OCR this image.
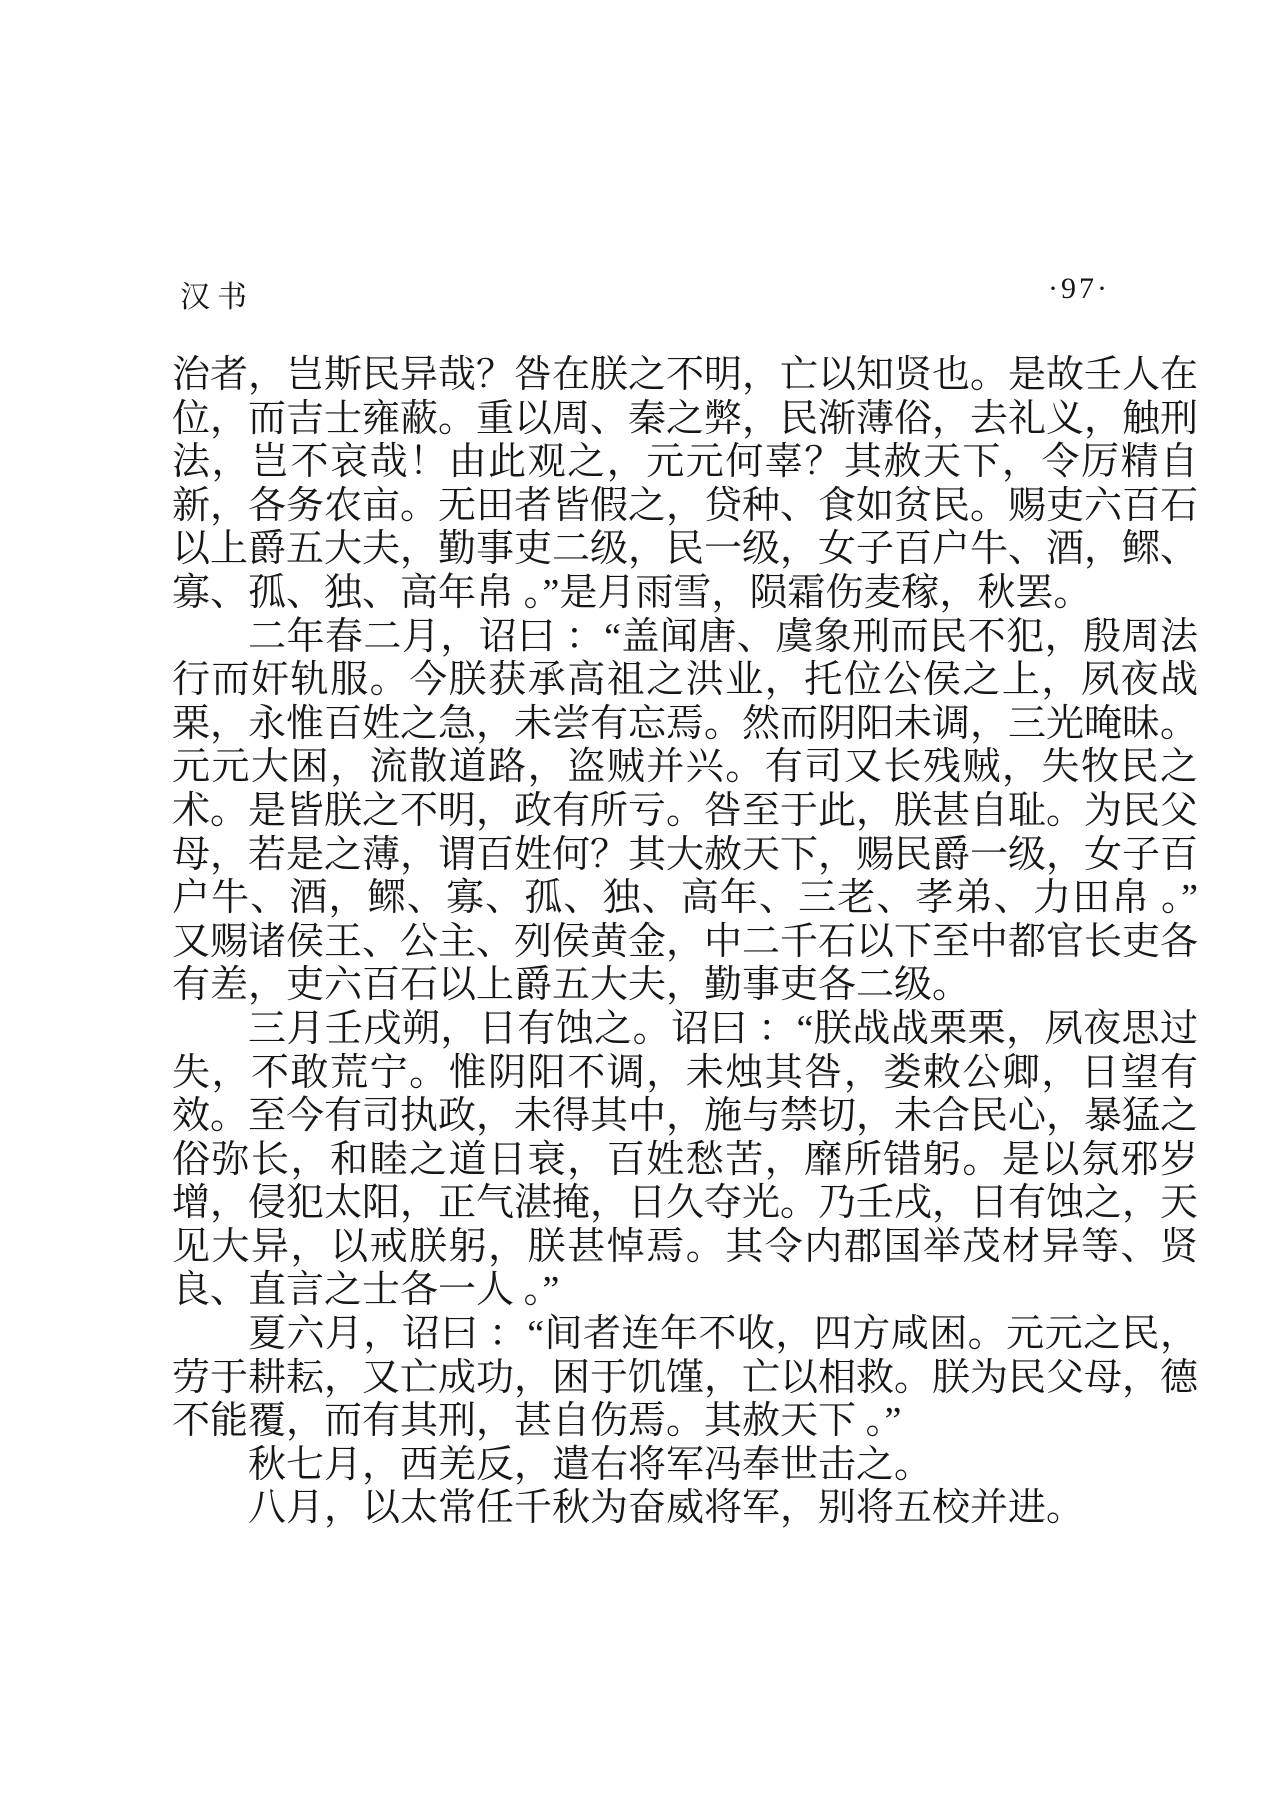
汉书	·97·

治者，岂斯民异哉？咎在朕之不明，亡以知贤也。是故壬人在位，而吉士雍蔽。重以周、秦之弊，民渐薄俗，去礼义，触刑法，岂不哀哉！由此观之，元元何辜？其赦天下，令厉精自新，各务农亩。无田者皆假之，贷种、食如贫民。赐吏六百石以上爵五大夫，勤事吏二级，民一级，女子百户牛、酒，鳏、寡、孤、独、高年帛 。”是月雨雪，陨霜伤麦稼，秋罢。

二年春二月，诏曰 ：“盖闻唐、虞象刑而民不犯，殷周法行而奸轨服。今朕获承高祖之洪业，托位公侯之上，夙夜战栗，永惟百姓之急，未尝有忘焉。然而阴阳未调，三光晻昧。元元大困，流散道路，盗贼并兴。有司又长残贼，失牧民之术。是皆朕之不明，政有所亏。咎至于此，朕甚自耻。为民父母，若是之薄，谓百姓何？其大赦天下，赐民爵一级，女子百户牛、酒，鳏、寡、孤、独、高年、三老、孝弟、力田帛 。”又赐诸侯王、公主、列侯黄金，中二千石以下至中都官长吏各有差，吏六百石以上爵五大夫，勤事吏各二级。

三月壬戌朔，日有蚀之。诏曰 ：“朕战战栗栗，夙夜思过失，不敢荒宁。惟阴阳不调，未烛其咎，娄敕公卿，日望有效。至今有司执政，未得其中，施与禁切，未合民心，暴猛之俗弥长，和睦之道日衰，百姓愁苦，靡所错躬。是以氛邪岁增，侵犯太阳，正气湛掩，日久夺光。乃壬戌，日有蚀之，天见大异，以戒朕躬，朕甚悼焉。其令内郡国举茂材异等、贤良、直言之士各一人 。”

夏六月，诏曰 ：“间者连年不收，四方咸困。元元之民，劳于耕耘，又亡成功，困于饥馑，亡以相救。朕为民父母，德不能覆，而有其刑，甚自伤焉。其赦天下 。”

秋七月，西羌反，遣右将军冯奉世击之。

八月，以太常任千秋为奋威将军，别将五校并进。
